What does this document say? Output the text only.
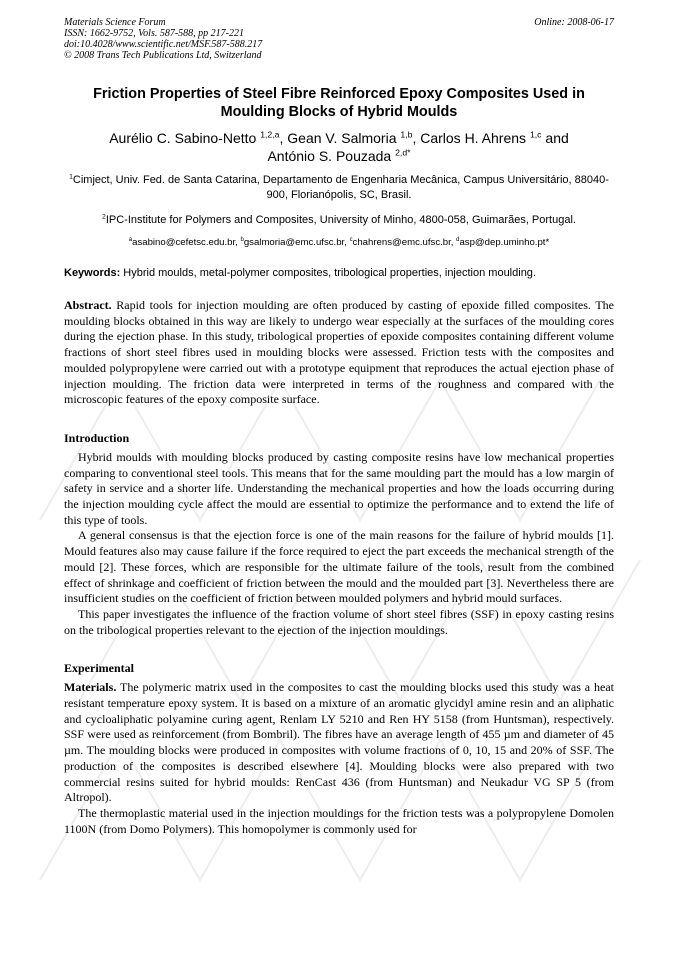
Materials Science Forum	Online: 2008-06-17
ISSN: 1662-9752, Vols. 587-588, pp 217-221
doi:10.4028/www.scientific.net/MSF.587-588.217
© 2008 Trans Tech Publications Ltd, Switzerland
Friction Properties of Steel Fibre Reinforced Epoxy Composites Used in Moulding Blocks of Hybrid Moulds
Aurélio C. Sabino-Netto $^{1,2,a}$, Gean V. Salmoria $^{1,b}$, Carlos H. Ahrens $^{1,c}$ and
António S. Pouzada $^{2,d*}$
$^1$Cimject, Univ. Fed. de Santa Catarina, Departamento de Engenharia Mecânica, Campus Universitário, 88040-900, Florianópolis, SC, Brasil.
$^2$IPC-Institute for Polymers and Composites, University of Minho, 4800-058, Guimarães, Portugal.
$^a$asabino@cefetsc.edu.br, $^b$gsalmoria@emc.ufsc.br, $^c$chahrens@emc.ufsc.br, $^d$asp@dep.uminho.pt*
Keywords: Hybrid moulds, metal-polymer composites, tribological properties, injection moulding.

Abstract. Rapid tools for injection moulding are often produced by casting of epoxide filled composites. The moulding blocks obtained in this way are likely to undergo wear especially at the surfaces of the moulding cores during the ejection phase. In this study, tribological properties of epoxide composites containing different volume fractions of short steel fibres used in moulding blocks were assessed. Friction tests with the composites and moulded polypropylene were carried out with a prototype equipment that reproduces the actual ejection phase of injection moulding. The friction data were interpreted in terms of the roughness and compared with the microscopic features of the epoxy composite surface.

Introduction

Hybrid moulds with moulding blocks produced by casting composite resins have low mechanical properties comparing to conventional steel tools. This means that for the same moulding part the mould has a low margin of safety in service and a shorter life. Understanding the mechanical properties and how the loads occurring during the injection moulding cycle affect the mould are essential to optimize the performance and to extend the life of this type of tools.

A general consensus is that the ejection force is one of the main reasons for the failure of hybrid moulds [1]. Mould features also may cause failure if the force required to eject the part exceeds the mechanical strength of the mould [2]. These forces, which are responsible for the ultimate failure of the tools, result from the combined effect of shrinkage and coefficient of friction between the mould and the moulded part [3]. Nevertheless there are insufficient studies on the coefficient of friction between moulded polymers and hybrid mould surfaces.

This paper investigates the influence of the fraction volume of short steel fibres (SSF) in epoxy casting resins on the tribological properties relevant to the ejection of the injection mouldings.

Experimental

Materials. The polymeric matrix used in the composites to cast the moulding blocks used this study was a heat resistant temperature epoxy system. It is based on a mixture of an aromatic glycidyl amine resin and an aliphatic and cycloaliphatic polyamine curing agent, Renlam LY 5210 and Ren HY 5158 (from Huntsman), respectively. SSF were used as reinforcement (from Bombril). The fibres have an average length of 455 µm and diameter of 45 µm. The moulding blocks were produced in composites with volume fractions of 0, 10, 15 and 20% of SSF. The production of the composites is described elsewhere [4]. Moulding blocks were also prepared with two commercial resins suited for hybrid moulds: RenCast 436 (from Huntsman) and Neukadur VG SP 5 (from Altropol).

The thermoplastic material used in the injection mouldings for the friction tests was a polypropylene Domolen 1100N (from Domo Polymers). This homopolymer is commonly used for
